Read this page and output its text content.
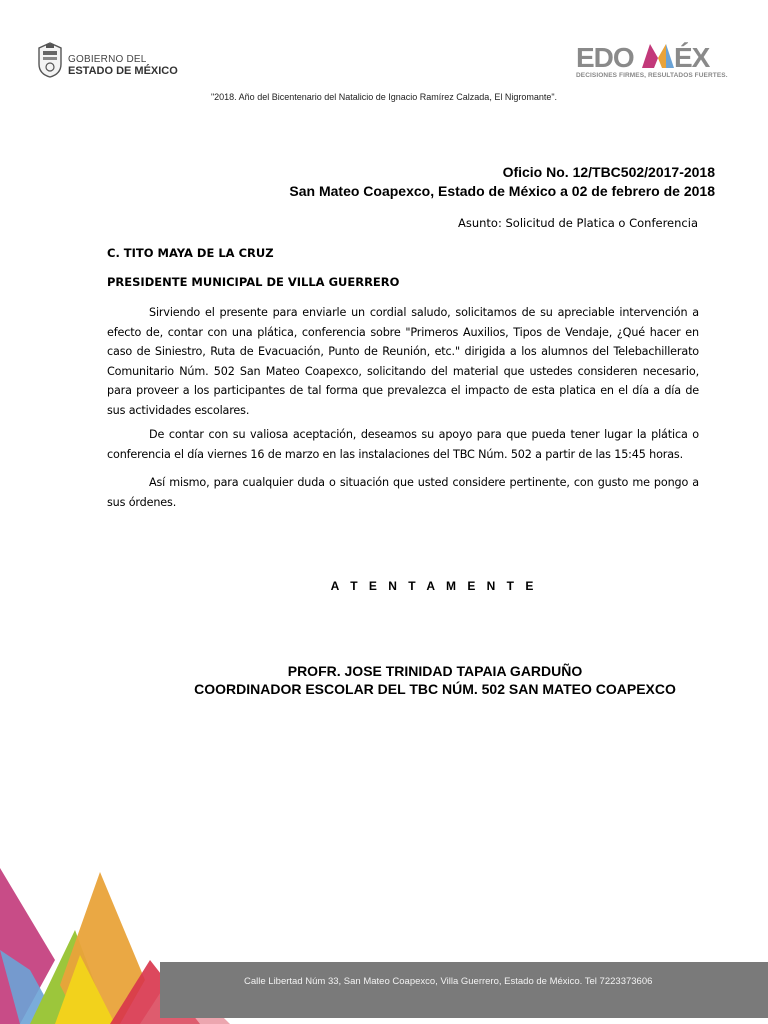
GOBIERNO DEL
ESTADO DE MÉXICO	EDO ÉX
DECISIONES FIRMES, RESULTADOS FUERTES.
"2018. Año del Bicentenario del Natalicio de Ignacio Ramírez Calzada, El Nigromante".
Oficio No. 12/TBC502/2017-2018
San Mateo Coapexco, Estado de México a 02 de febrero de 2018
Asunto: Solicitud de Platica o Conferencia
C. TITO MAYA DE LA CRUZ
PRESIDENTE MUNICIPAL DE VILLA GUERRERO
Sirviendo el presente para enviarle un cordial saludo, solicitamos de su apreciable intervención a efecto de, contar con una plática, conferencia sobre "Primeros Auxilios, Tipos de Vendaje, ¿Qué hacer en caso de Siniestro, Ruta de Evacuación, Punto de Reunión, etc." dirigida a los alumnos del Telebachillerato Comunitario Núm. 502 San Mateo Coapexco, solicitando del material que ustedes consideren necesario, para proveer a los participantes de tal forma que prevalezca el impacto de esta platica en el día a día de sus actividades escolares.
De contar con su valiosa aceptación, deseamos su apoyo para que pueda tener lugar la plática o conferencia el día viernes 16 de marzo en las instalaciones del TBC Núm. 502 a partir de las 15:45 horas.
Así mismo, para cualquier duda o situación que usted considere pertinente, con gusto me pongo a sus órdenes.
A T E N T A M E N T E
PROFR. JOSE TRINIDAD TAPAIA GARDUÑO
COORDINADOR ESCOLAR DEL TBC NÚM. 502 SAN MATEO COAPEXCO
Calle Libertad Núm 33, San Mateo Coapexco, Villa Guerrero, Estado de México. Tel 7223373606
